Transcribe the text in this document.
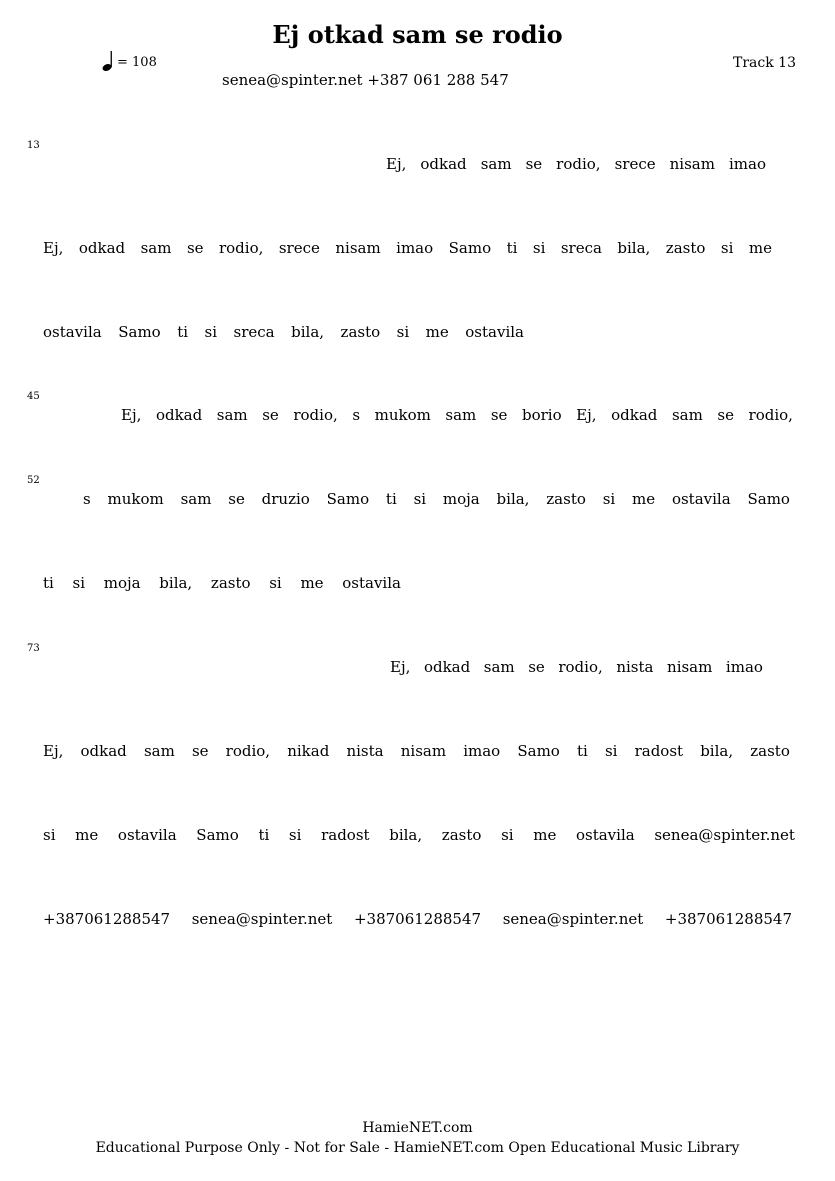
Ej otkad sam se rodio
= 108	Track 13
senea@spinter.net +387 061 288 547
13
45
52
73
Ej, odkad sam se rodio, srece nisam imao
Ej, odkad sam se rodio, srece nisam imao Samo ti si sreca bila, zasto si me
ostavila Samo ti si sreca bila, zasto si me ostavila
Ej, odkad sam se rodio, s mukom sam se borio Ej, odkad sam se rodio,
s mukom sam se druzio Samo ti si moja bila, zasto si me ostavila Samo
ti si moja bila, zasto si me ostavila
Ej, odkad sam se rodio, nista nisam imao
Ej, odkad sam se rodio, nikad nista nisam imao Samo ti si radost bila, zasto
si me ostavila Samo ti si radost bila, zasto si me ostavila senea@spinter.net
+387061288547 senea@spinter.net +387061288547 senea@spinter.net +387061288547
HamieNET.com
Educational Purpose Only - Not for Sale - HamieNET.com Open Educational Music Library
